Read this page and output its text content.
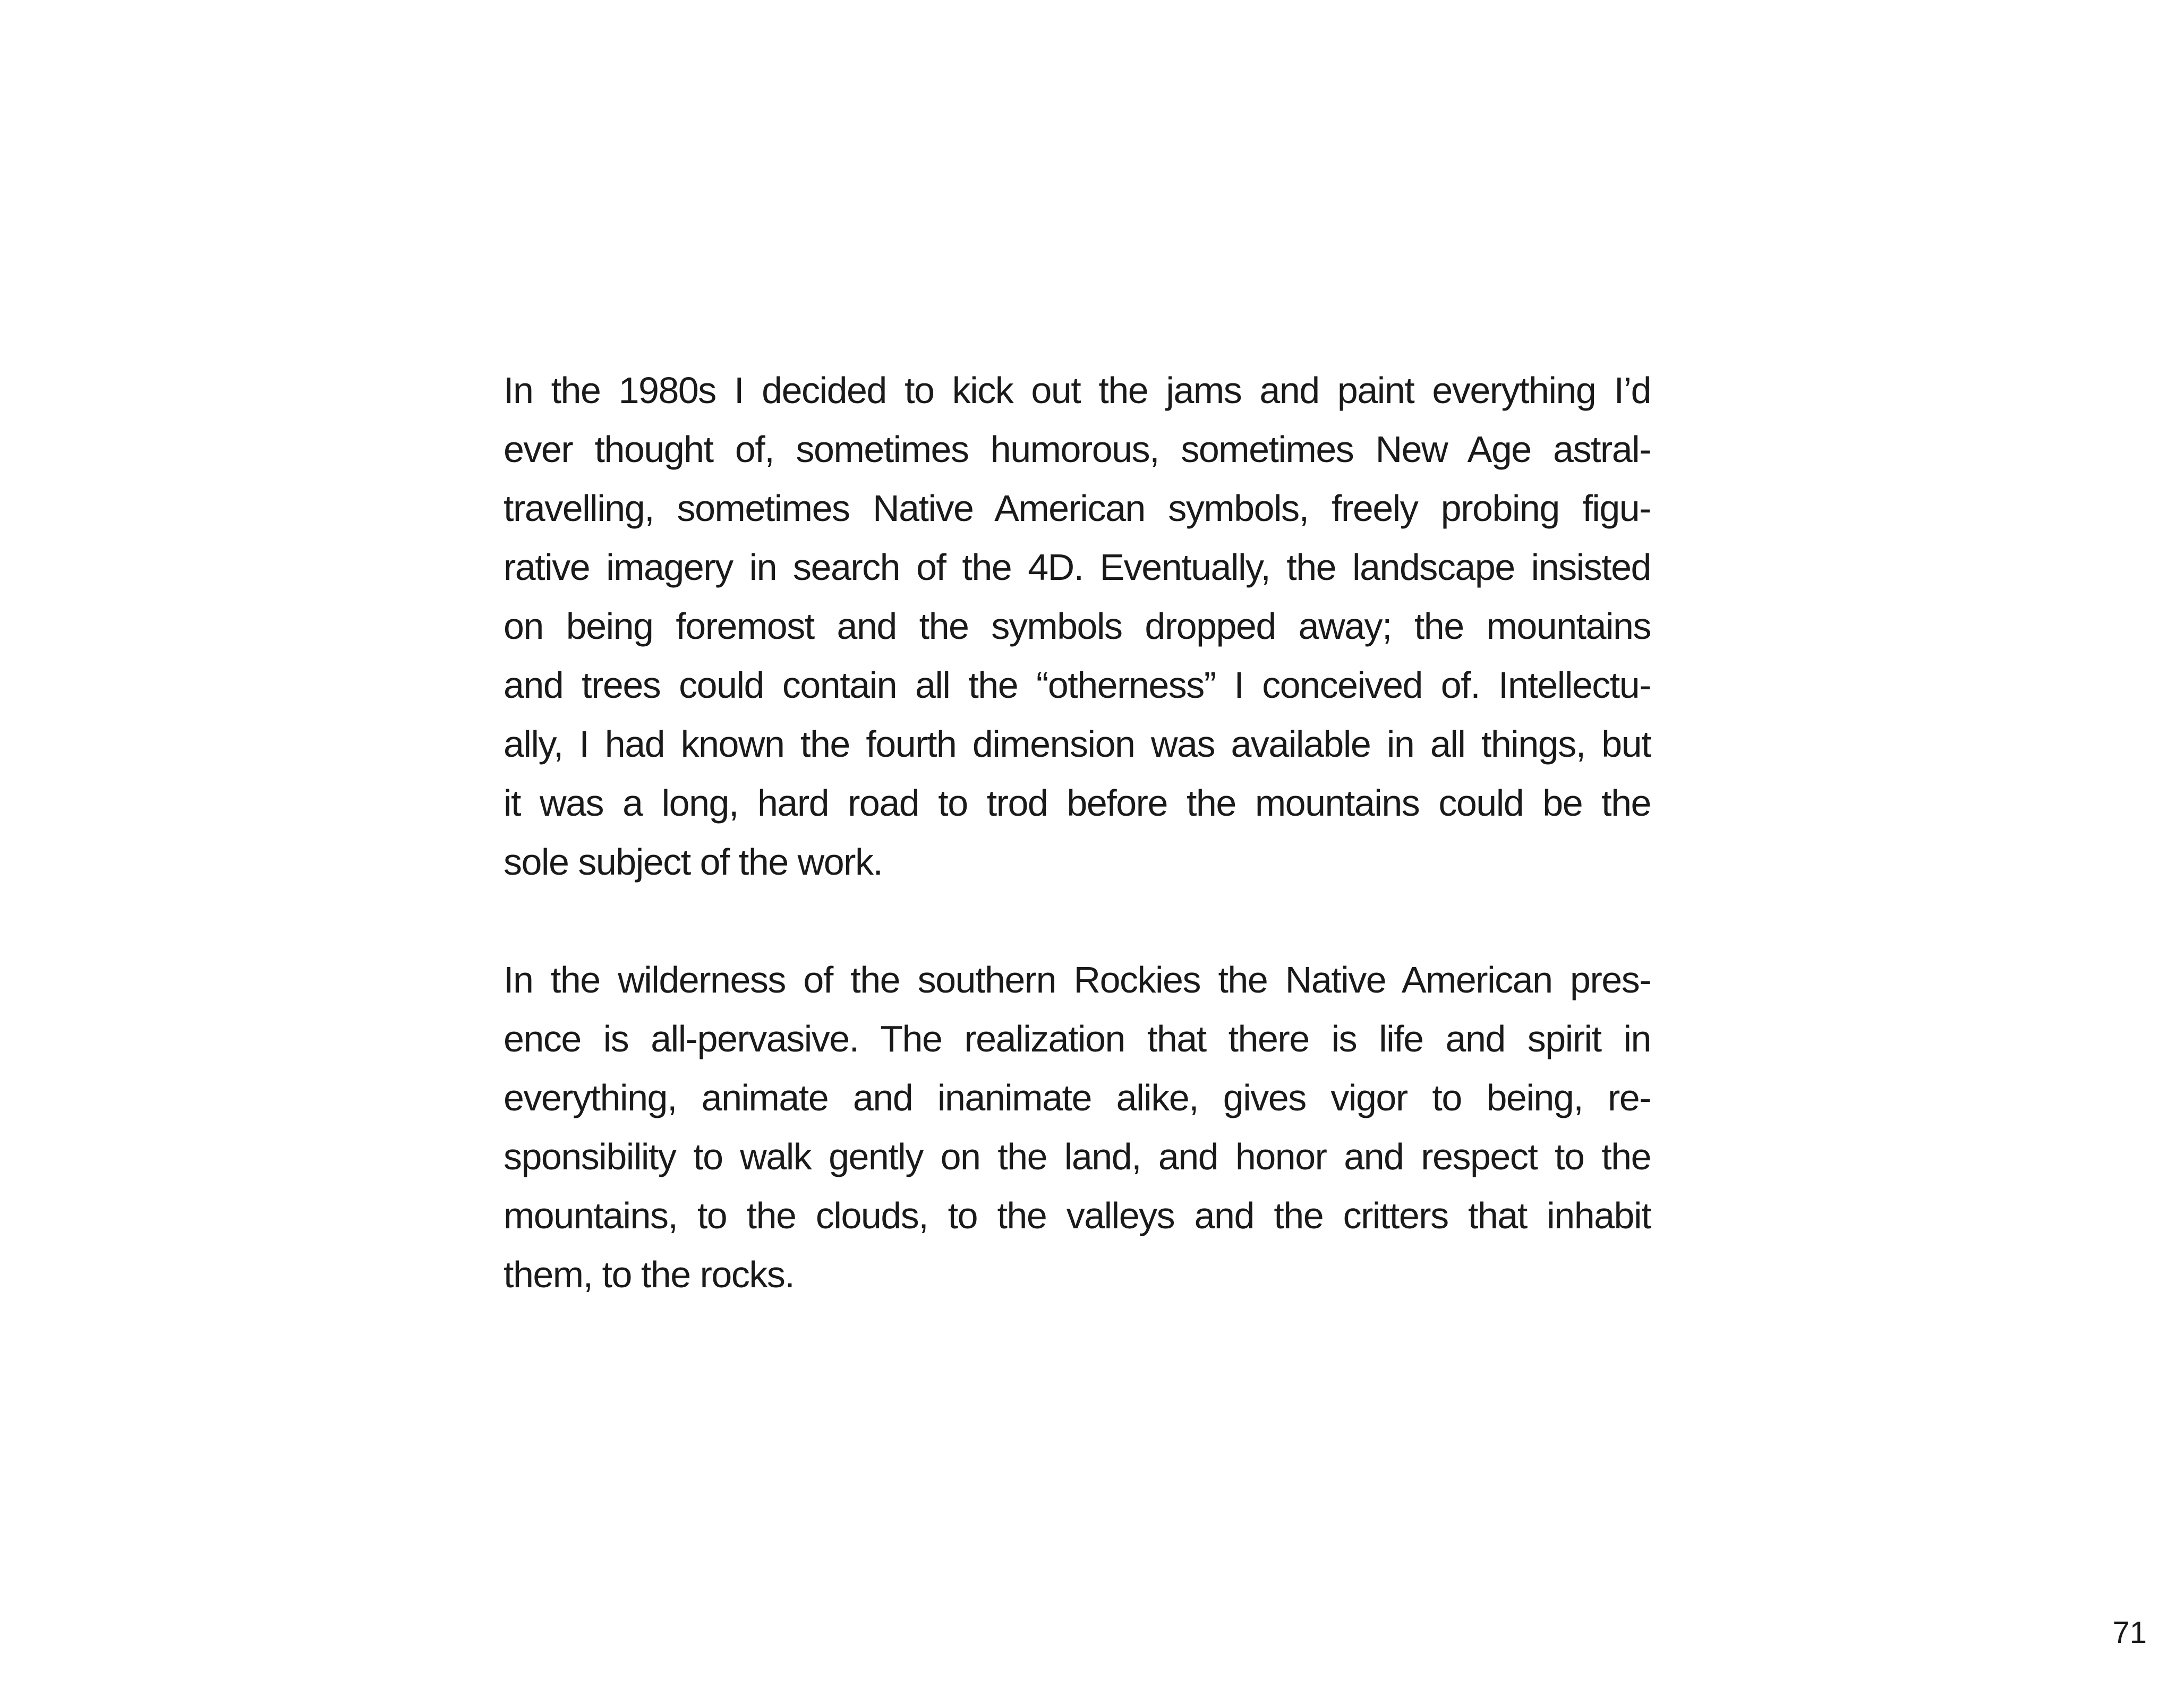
In the 1980s I decided to kick out the jams and paint everything I’d
ever thought of, sometimes humorous, sometimes New Age astral-
travelling, sometimes Native American symbols, freely probing figu-
rative imagery in search of the 4D. Eventually, the landscape insisted
on being foremost and the symbols dropped away; the mountains
and trees could contain all the “otherness” I conceived of. Intellectu-
ally, I had known the fourth dimension was available in all things, but
it was a long, hard road to trod before the mountains could be the
sole subject of the work.

In the wilderness of the southern Rockies the Native American pres-
ence is all-pervasive. The realization that there is life and spirit in
everything, animate and inanimate alike, gives vigor to being, re-
sponsibility to walk gently on the land, and honor and respect to the
mountains, to the clouds, to the valleys and the critters that inhabit
them, to the rocks.

71
